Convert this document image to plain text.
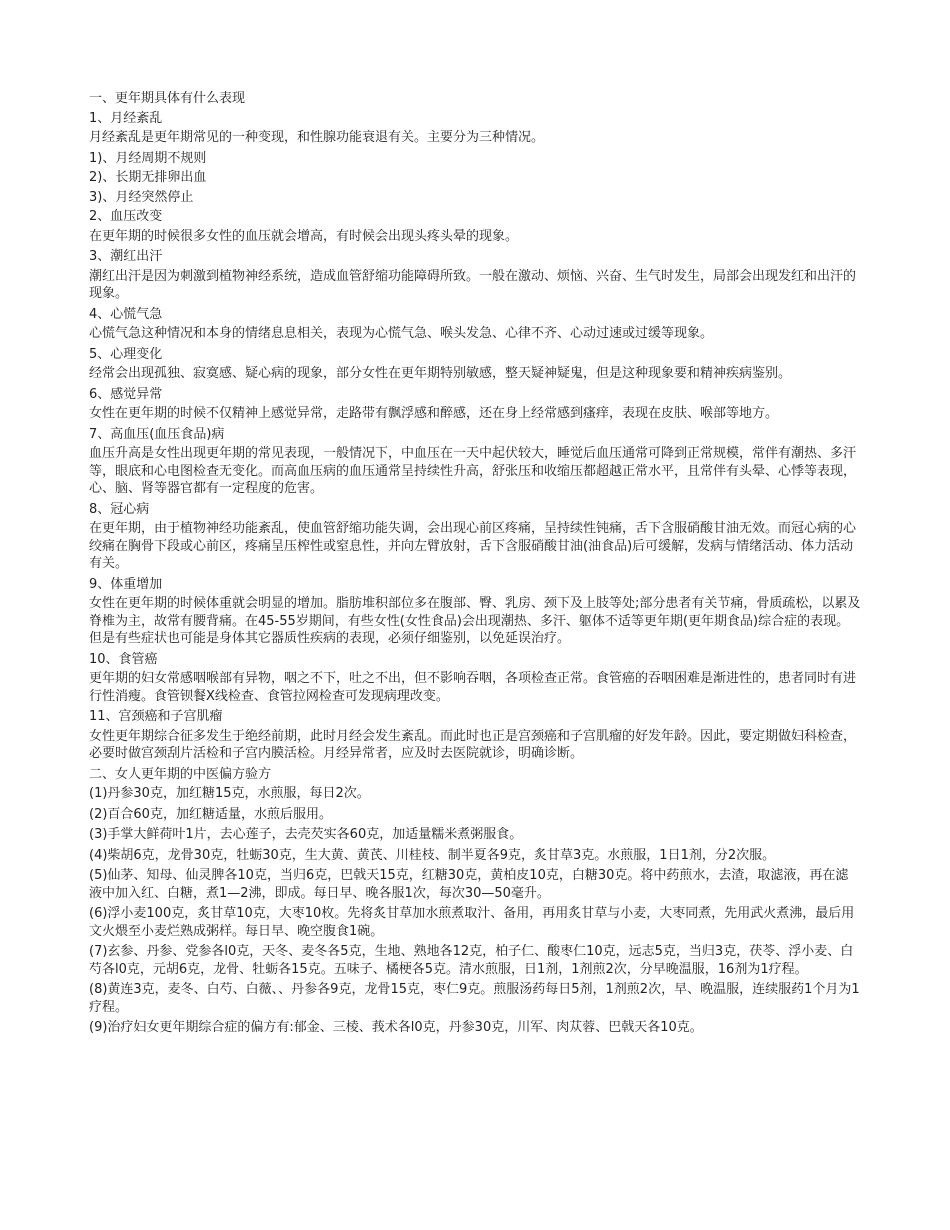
一、更年期具体有什么表现

1、月经紊乱

月经紊乱是更年期常见的一种变现，和性腺功能衰退有关。主要分为三种情况。

1)、月经周期不规则

2)、长期无排卵出血

3)、月经突然停止

2、血压改变

在更年期的时候很多女性的血压就会增高，有时候会出现头疼头晕的现象。

3、潮红出汗

潮红出汗是因为刺激到植物神经系统，造成血管舒缩功能障碍所致。一般在激动、烦恼、兴奋、生气时发生，局部会出现发红和出汗的现象。

4、心慌气急

心慌气急这种情况和本身的情绪息息相关，表现为心慌气急、喉头发急、心律不齐、心动过速或过缓等现象。

5、心理变化

经常会出现孤独、寂寞感、疑心病的现象，部分女性在更年期特别敏感，整天疑神疑鬼，但是这种现象要和精神疾病鉴别。

6、感觉异常

女性在更年期的时候不仅精神上感觉异常，走路带有飘浮感和醉感，还在身上经常感到瘙痒，表现在皮肤、喉部等地方。

7、高血压(血压食品)病

血压升高是女性出现更年期的常见表现，一般情况下，中血压在一天中起伏较大，睡觉后血压通常可降到正常规模，常伴有潮热、多汗等，眼底和心电图检查无变化。而高血压病的血压通常呈持续性升高，舒张压和收缩压都超越正常水平，且常伴有头晕、心悸等表现，心、脑、肾等器官都有一定程度的危害。

8、冠心病

在更年期，由于植物神经功能紊乱，使血管舒缩功能失调，会出现心前区疼痛，呈持续性钝痛，舌下含服硝酸甘油无效。而冠心病的心绞痛在胸骨下段或心前区，疼痛呈压榨性或窒息性，并向左臂放射，舌下含服硝酸甘油(油食品)后可缓解，发病与情绪活动、体力活动有关。

9、体重增加

女性在更年期的时候体重就会明显的增加。脂肪堆积部位多在腹部、臀、乳房、颈下及上肢等处;部分患者有关节痛，骨质疏松，以累及脊椎为主，故常有腰背痛。在45-55岁期间，有些女性(女性食品)会出现潮热、多汗、躯体不适等更年期(更年期食品)综合症的表现。但是有些症状也可能是身体其它器质性疾病的表现，必须仔细鉴别，以免延误治疗。

10、食管癌

更年期的妇女常感咽喉部有异物，咽之不下，吐之不出，但不影响吞咽，各项检查正常。食管癌的吞咽困难是渐进性的，患者同时有进行性消瘦。食管钡餐X线检查、食管拉网检查可发现病理改变。

11、宫颈癌和子宫肌瘤

女性更年期综合征多发生于绝经前期，此时月经会发生紊乱。而此时也正是宫颈癌和子宫肌瘤的好发年龄。因此，要定期做妇科检查，必要时做宫颈刮片活检和子宫内膜活检。月经异常者，应及时去医院就诊，明确诊断。

二、女人更年期的中医偏方验方

(1)丹参30克，加红糖15克，水煎服，每日2次。

(2)百合60克，加红糖适量，水煎后服用。

(3)手掌大鲜荷叶1片，去心莲子，去壳芡实各60克，加适量糯米煮粥服食。

(4)柴胡6克，龙骨30克，牡蛎30克，生大黄、黄芪、川桂枝、制半夏各9克，炙甘草3克。水煎服，1日1剂，分2次服。

(5)仙茅、知母、仙灵脾各10克，当归6克，巴戟天15克，红糖30克，黄柏皮10克，白糖30克。将中药煎水，去渣，取滤液，再在滤液中加入红、白糖，煮1—2沸，即成。每日早、晚各服1次，每次30—50毫升。

(6)浮小麦100克，炙甘草10克，大枣10枚。先将炙甘草加水煎煮取汁、备用，再用炙甘草与小麦，大枣同煮，先用武火煮沸，最后用文火煨至小麦烂熟成粥样。每日早、晚空腹食1碗。

(7)玄参、丹参、党参各l0克，天冬、麦冬各5克，生地、熟地各12克，柏子仁、酸枣仁10克，远志5克，当归3克，茯苓、浮小麦、白芍各l0克，元胡6克，龙骨、牡蛎各15克。五味子、橘梗各5克。清水煎服，日1剂，1剂煎2次，分早晚温服，16剂为1疗程。

(8)黄连3克，麦冬、白芍、白薇、、丹参各9克，龙骨15克，枣仁9克。煎服汤药每日5剂，1剂煎2次，早、晚温服，连续服药1个月为1疗程。

(9)治疗妇女更年期综合症的偏方有:郁金、三棱、莪术各l0克，丹参30克，川军、肉苁蓉、巴戟天各10克。
